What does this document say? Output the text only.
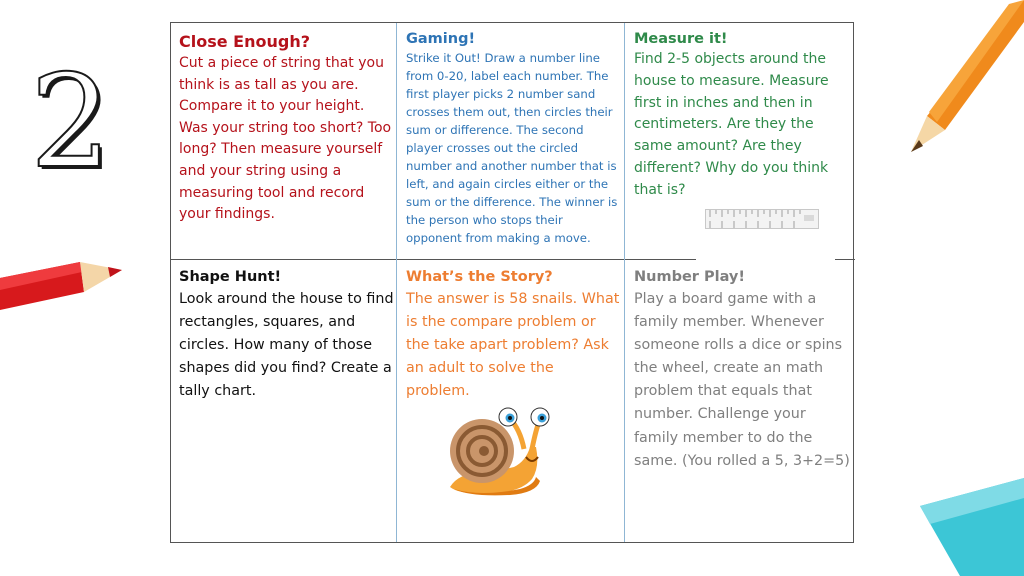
2
Close Enough?

Cut a piece of string that you think is as tall as you are. Compare it to your height. Was your string too short? Too long? Then measure yourself and your string using a measuring tool and record your findings.

Gaming!

Strike it Out! Draw a number line from 0-20, label each number. The first player picks 2 number sand crosses them out, then circles their sum or difference. The second player crosses out the circled number and another number that is left, and again circles either or the sum or the difference. The winner is the person who stops their opponent from making a move.

Measure it!

Find 2-5 objects around the house to measure. Measure first in inches and then in centimeters. Are they the same amount? Are they different? Why do you think that is?

Shape Hunt!

Look around the house to find rectangles, squares, and circles. How many of those shapes did you find? Create a tally chart.

What’s the Story?

The answer is 58 snails. What is the compare problem or the take apart problem? Ask an adult to solve the problem.

Number Play!

Play a board game with a family member. Whenever someone rolls a dice or spins the wheel, create an math problem that equals that number. Challenge your family member to do the same. (You rolled a 5, 3+2=5)
